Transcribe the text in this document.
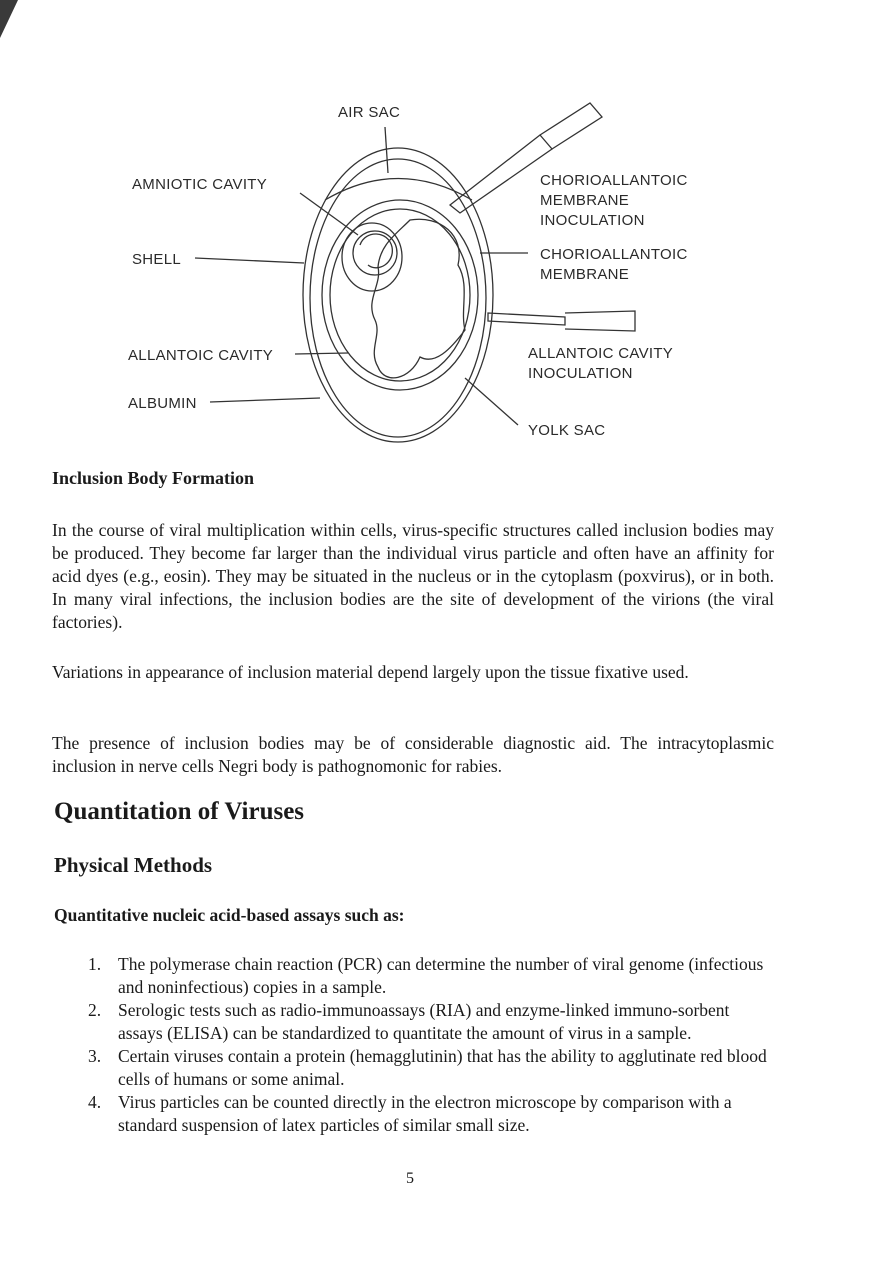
AIR SAC
AMNIOTIC CAVITY
SHELL
ALLANTOIC CAVITY
ALBUMIN
CHORIOALLANTOIC
MEMBRANE
INOCULATION
CHORIOALLANTOIC
MEMBRANE
ALLANTOIC CAVITY
INOCULATION
YOLK SAC
Inclusion Body Formation

In the course of viral multiplication within cells, virus-specific structures called inclusion bodies may be produced. They become far larger than the individual virus particle and often have an affinity for acid dyes (e.g., eosin). They may be situated in the nucleus or in the cytoplasm (poxvirus), or in both. In many viral infections, the inclusion bodies are the site of development of the virions (the viral factories).

Variations in appearance of inclusion material depend largely upon the tissue fixative used.

The presence of inclusion bodies may be of considerable diagnostic aid. The intracytoplasmic inclusion in nerve cells Negri body is pathognomonic for rabies.

Quantitation of Viruses
Physical Methods
Quantitative nucleic acid-based assays such as:
1. The polymerase chain reaction (PCR) can determine the number of viral genome (infectious and noninfectious) copies in a sample.
2. Serologic tests such as radio-immunoassays (RIA) and enzyme-linked immuno-sorbent assays (ELISA) can be standardized to quantitate the amount of virus in a sample.
3. Certain viruses contain a protein (hemagglutinin) that has the ability to agglutinate red blood cells of humans or some animal.
4. Virus particles can be counted directly in the electron microscope by comparison with a standard suspension of latex particles of similar small size.
5
